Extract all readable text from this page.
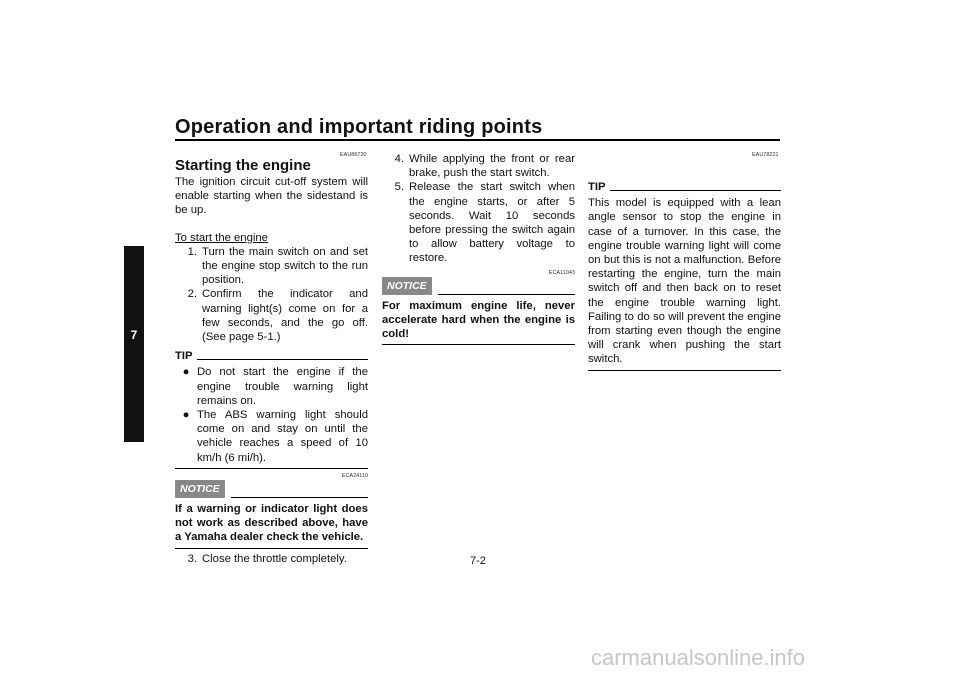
Operation and important riding points
7
EAU86720
Starting the engine

The ignition circuit cut-off system will enable starting when the sidestand is be up.

To start the engine

1. Turn the main switch on and set the engine stop switch to the run position.
2. Confirm the indicator and warning light(s) come on for a few seconds, and the go off. (See page 5-1.)
TIP
● Do not start the engine if the engine trouble warning light remains on.
● The ABS warning light should come on and stay on until the vehicle reaches a speed of 10 km/h (6 mi/h).
ECA24110
NOTICE

If a warning or indicator light does not work as described above, have a Yamaha dealer check the vehicle.

3. Close the throttle completely.
4. While applying the front or rear brake, push the start switch.
5. Release the start switch when the engine starts, or after 5 seconds. Wait 10 seconds before pressing the switch again to allow battery voltage to restore.
ECA11043
NOTICE

For maximum engine life, never accelerate hard when the engine is cold!

EAU78221
TIP

This model is equipped with a lean angle sensor to stop the engine in case of a turnover. In this case, the engine trouble warning light will come on but this is not a malfunction. Before restarting the engine, turn the main switch off and then back on to reset the engine trouble warning light. Failing to do so will prevent the engine from starting even though the engine will crank when pushing the start switch.

7-2
carmanualsonline.info
